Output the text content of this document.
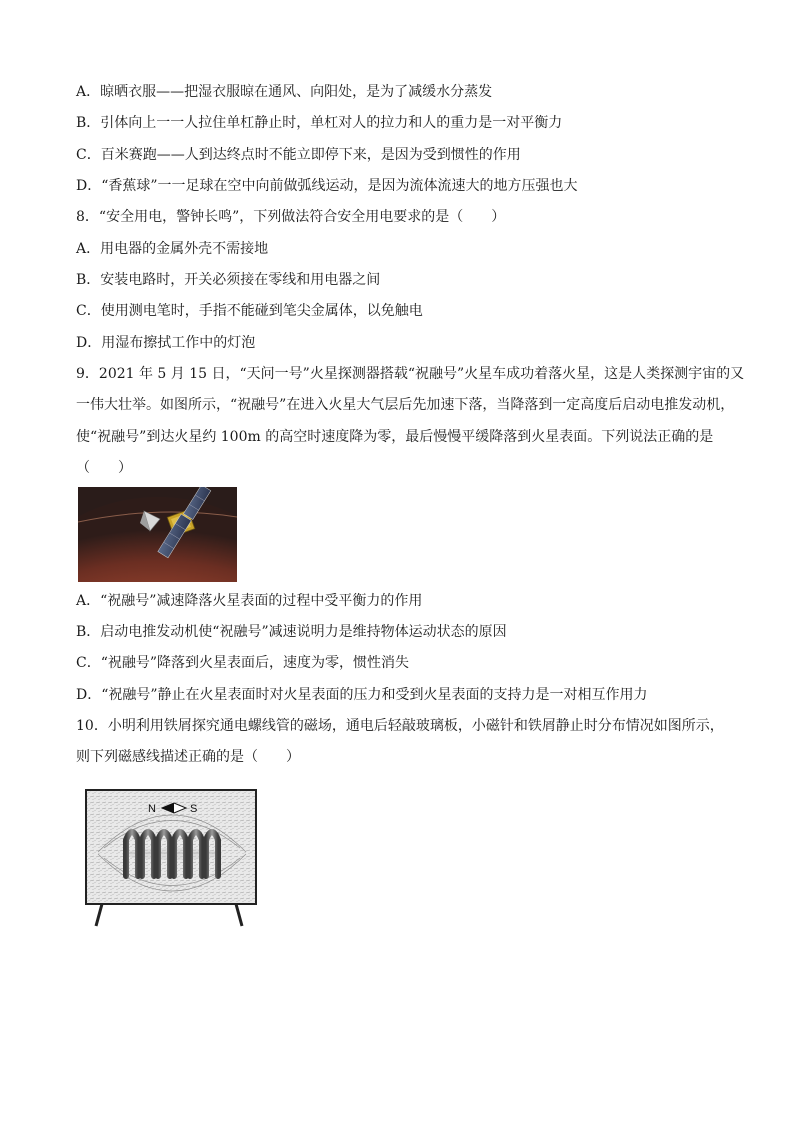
A．晾晒衣服——把湿衣服晾在通风、向阳处，是为了减缓水分蒸发
B．引体向上一一人拉住单杠静止时，单杠对人的拉力和人的重力是一对平衡力
C．百米赛跑——人到达终点时不能立即停下来，是因为受到惯性的作用
D．“香蕉球”一一足球在空中向前做弧线运动，是因为流体流速大的地方压强也大
8．“安全用电，警钟长鸣”，下列做法符合安全用电要求的是（　　）
A．用电器的金属外壳不需接地
B．安装电路时，开关必须接在零线和用电器之间
C．使用测电笔时，手指不能碰到笔尖金属体，以免触电
D．用湿布擦拭工作中的灯泡
9．2021 年 5 月 15 日，“天问一号”火星探测器搭载“祝融号”火星车成功着落火星，这是人类探测宇宙的又
一伟大壮举。如图所示，“祝融号”在进入火星大气层后先加速下落，当降落到一定高度后启动电推发动机，
使“祝融号”到达火星约 100m 的高空时速度降为零，最后慢慢平缓降落到火星表面。下列说法正确的是
（　　）
A．“祝融号”减速降落火星表面的过程中受平衡力的作用
B．启动电推发动机使“祝融号”减速说明力是维持物体运动状态的原因
C．“祝融号”降落到火星表面后，速度为零，惯性消失
D．“祝融号”静止在火星表面时对火星表面的压力和受到火星表面的支持力是一对相互作用力
10．小明利用铁屑探究通电螺线管的磁场，通电后轻敲玻璃板，小磁针和铁屑静止时分布情况如图所示，
则下列磁感线描述正确的是（　　）
N	S
